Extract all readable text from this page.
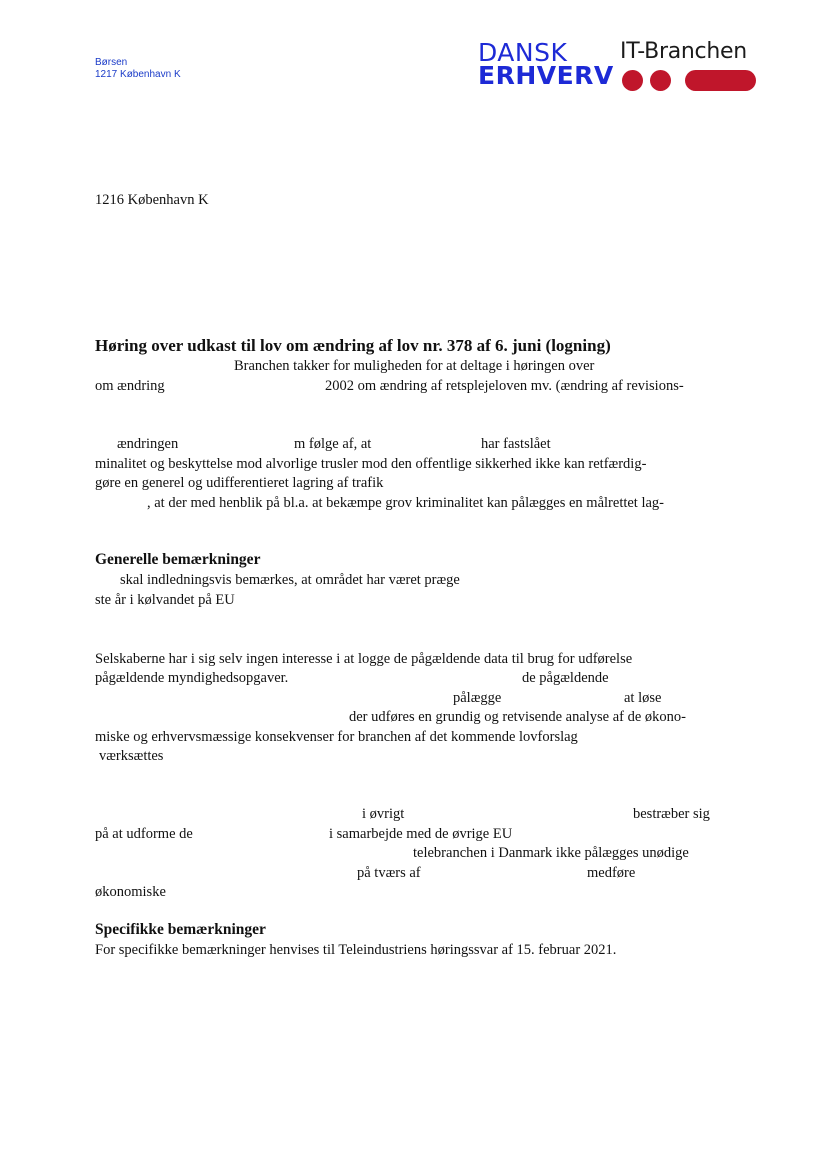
Børsen
1217 København K
DANSK
ERHVERV
IT-Branchen
1216 København K
Høring over udkast til lov om ændring af lov nr. 378 af 6. juni (logning)
Branchen takker for muligheden for at deltage i høringen over
om ændring	2002 om ændring af retsplejeloven mv. (ændring af revisions-
ændringen	m følge af, at	har fastslået
minalitet og beskyttelse mod alvorlige trusler mod den offentlige sikkerhed ikke kan retfærdig-
gøre en generel og udifferentieret lagring af trafik
, at der med henblik på bl.a. at bekæmpe grov kriminalitet kan pålægges en målrettet lag-
Generelle bemærkninger
skal indledningsvis bemærkes, at området har været præge
ste år i kølvandet på EU
Selskaberne har i sig selv ingen interesse i at logge de pågældende data til brug for udførelse
pågældende myndighedsopgaver.	de pågældende
pålægge	at løse
der udføres en grundig og retvisende analyse af de økono-
miske og erhvervsmæssige konsekvenser for branchen af det kommende lovforslag
værksættes
i øvrigt	bestræber sig
på at udforme de	i samarbejde med de øvrige EU
telebranchen i Danmark ikke pålægges unødige
på tværs af	medføre
økonomiske
Specifikke bemærkninger
For specifikke bemærkninger henvises til Teleindustriens høringssvar af 15. februar 2021.
